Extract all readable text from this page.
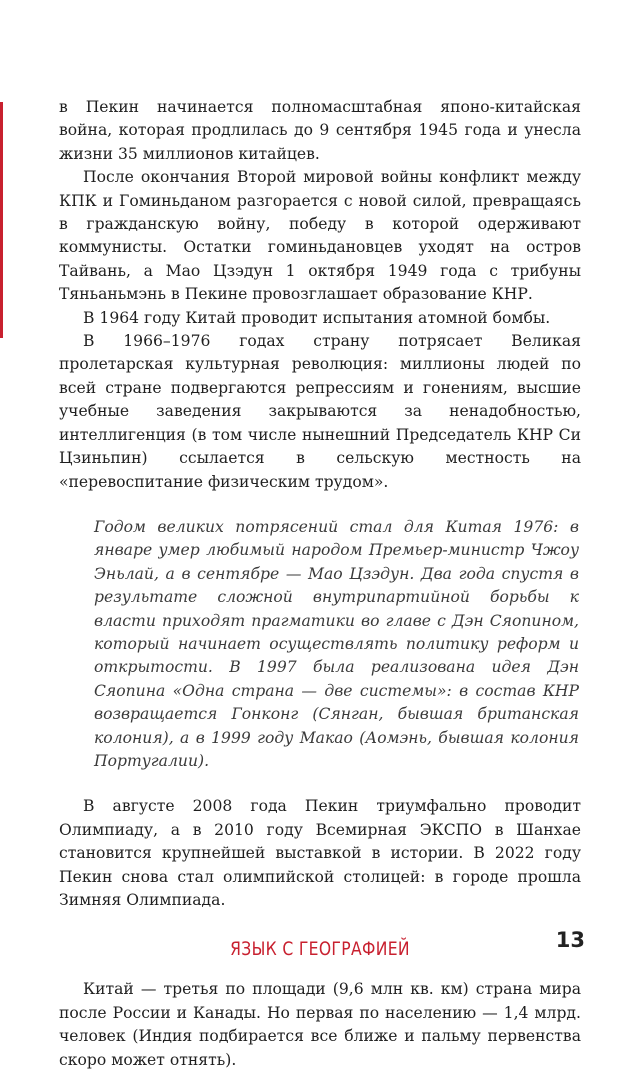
в Пекин начинается полномасштабная японо-китайская война, которая продлилась до 9 сентября 1945 года и унесла жизни 35 миллионов китайцев.

После окончания Второй мировой войны конфликт между КПК и Гоминьданом разгорается с новой силой, превращаясь в гражданскую войну, победу в которой одерживают коммунисты. Остатки гоминьдановцев уходят на остров Тайвань, а Мао Цзэдун 1 октября 1949 года с трибуны Тяньаньмэнь в Пекине провозглашает образование КНР.

В 1964 году Китай проводит испытания атомной бомбы.

В 1966–1976 годах страну потрясает Великая пролетарская культурная революция: миллионы людей по всей стране подвергаются репрессиям и гонениям, высшие учебные заведения закрываются за ненадобностью, интеллигенция (в том числе нынешний Председатель КНР Си Цзиньпин) ссылается в сельскую местность на «перевоспитание физическим трудом».

Годом великих потрясений стал для Китая 1976: в январе умер любимый народом Премьер-министр Чжоу Эньлай, а в сентябре — Мао Цзэдун. Два года спустя в результате сложной внутрипартийной борьбы к власти приходят прагматики во главе с Дэн Сяопином, который начинает осуществлять политику реформ и открытости. В 1997 была реализована идея Дэн Сяопина «Одна страна — две системы»: в состав КНР возвращается Гонконг (Сянган, бывшая британская колония), а в 1999 году Макао (Аомэнь, бывшая колония Португалии).

В августе 2008 года Пекин триумфально проводит Олимпиаду, а в 2010 году Всемирная ЭКСПО в Шанхае становится крупнейшей выставкой в истории. В 2022 году Пекин снова стал олимпийской столицей: в городе прошла Зимняя Олимпиада.

ЯЗЫК С ГЕОГРАФИЕЙ

Китай — третья по площади (9,6 млн кв. км) страна мира после России и Канады. Но первая по населению — 1,4 млрд. человек (Индия подбирается все ближе и пальму первенства скоро может отнять).

13
